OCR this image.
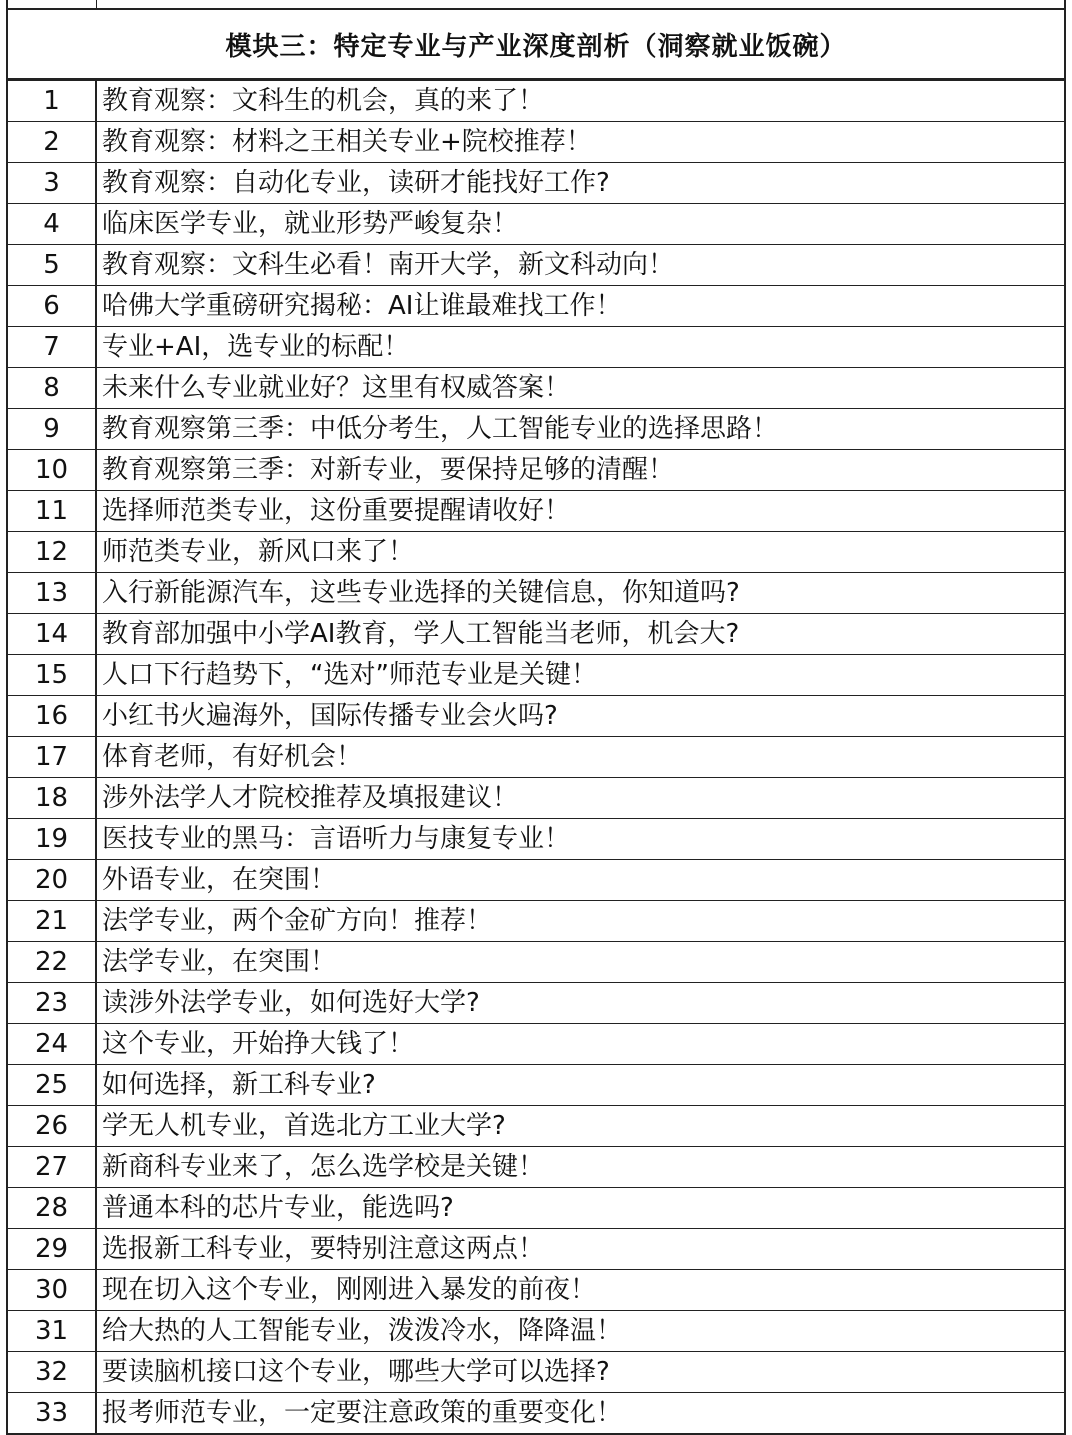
模块三：特定专业与产业深度剖析（洞察就业饭碗）
1	教育观察：文科生的机会，真的来了！
2	教育观察：材料之王相关专业+院校推荐！
3	教育观察：自动化专业，读研才能找好工作?
4	临床医学专业，就业形势严峻复杂！
5	教育观察：文科生必看！南开大学，新文科动向！
6	哈佛大学重磅研究揭秘：AI让谁最难找工作！
7	专业+AI，选专业的标配！
8	未来什么专业就业好？这里有权威答案！
9	教育观察第三季：中低分考生，人工智能专业的选择思路！
10	教育观察第三季：对新专业，要保持足够的清醒！
11	选择师范类专业，这份重要提醒请收好！
12	师范类专业，新风口来了！
13	入行新能源汽车，这些专业选择的关键信息，你知道吗?
14	教育部加强中小学AI教育，学人工智能当老师，机会大?
15	人口下行趋势下，“选对”师范专业是关键！
16	小红书火遍海外，国际传播专业会火吗?
17	体育老师，有好机会！
18	涉外法学人才院校推荐及填报建议！
19	医技专业的黑马：言语听力与康复专业！
20	外语专业，在突围！
21	法学专业，两个金矿方向！推荐！
22	法学专业，在突围！
23	读涉外法学专业，如何选好大学?
24	这个专业，开始挣大钱了！
25	如何选择，新工科专业?
26	学无人机专业，首选北方工业大学?
27	新商科专业来了，怎么选学校是关键！
28	普通本科的芯片专业，能选吗?
29	选报新工科专业，要特别注意这两点！
30	现在切入这个专业，刚刚进入暴发的前夜！
31	给大热的人工智能专业，泼泼冷水，降降温！
32	要读脑机接口这个专业，哪些大学可以选择?
33	报考师范专业，一定要注意政策的重要变化！
